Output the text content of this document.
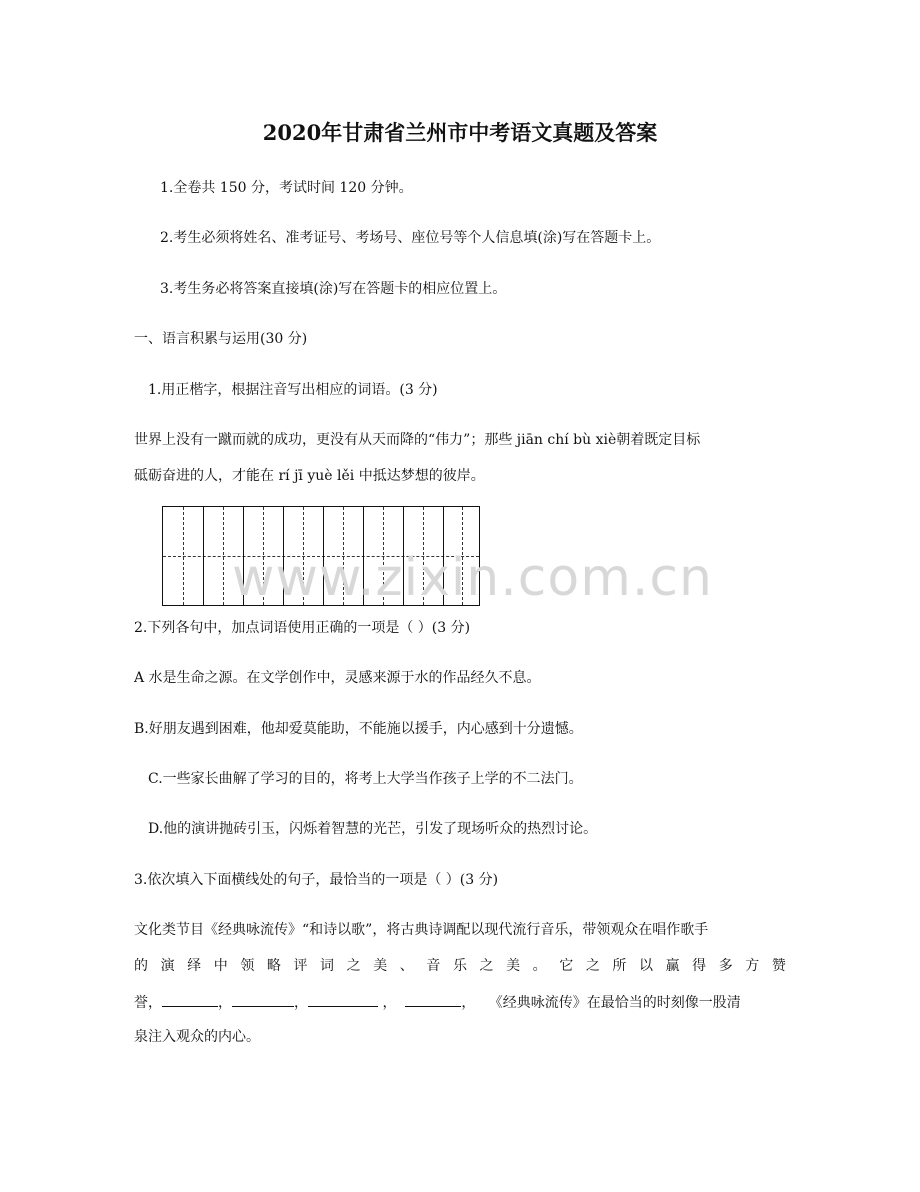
2020年甘肃省兰州市中考语文真题及答案
1.全卷共 150 分，考试时间 120 分钟。
2.考生必须将姓名、准考证号、考场号、座位号等个人信息填(涂)写在答题卡上。
3.考生务必将答案直接填(涂)写在答题卡的相应位置上。
一、语言积累与运用(30 分)
1.用正楷字，根据注音写出相应的词语。(3 分)
世界上没有一蹴而就的成功，更没有从天而降的“伟力”；那些 jiān chí bù xiè朝着既定目标
砥砺奋进的人，才能在 rí jī yuè lěi 中抵达梦想的彼岸。
www.zixin.com.cn
2.下列各句中，加点词语使用正确的一项是（ ）(3 分)
A 水是生命之源。在文学创作中，灵感来源于水的作品经久不息。
B.好朋友遇到困难，他却爱莫能助，不能施以援手，内心感到十分遗憾。
C.一些家长曲解了学习的目的，将考上大学当作孩子上学的不二法门。
D.他的演讲抛砖引玉，闪烁着智慧的光芒，引发了现场听众的热烈讨论。
3.依次填入下面横线处的句子，最恰当的一项是（ ）(3 分)
文化类节目《经典咏流传》“和诗以歌”，将古典诗调配以现代流行音乐，带领观众在唱作歌手
的 演 绎 中 领 略 评 词 之 美 、 音 乐 之 美 。 它 之 所 以 赢 得 多 方 赞
誉，	，	，	，	， 《经典咏流传》在最恰当的时刻像一股清
泉注入观众的内心。
